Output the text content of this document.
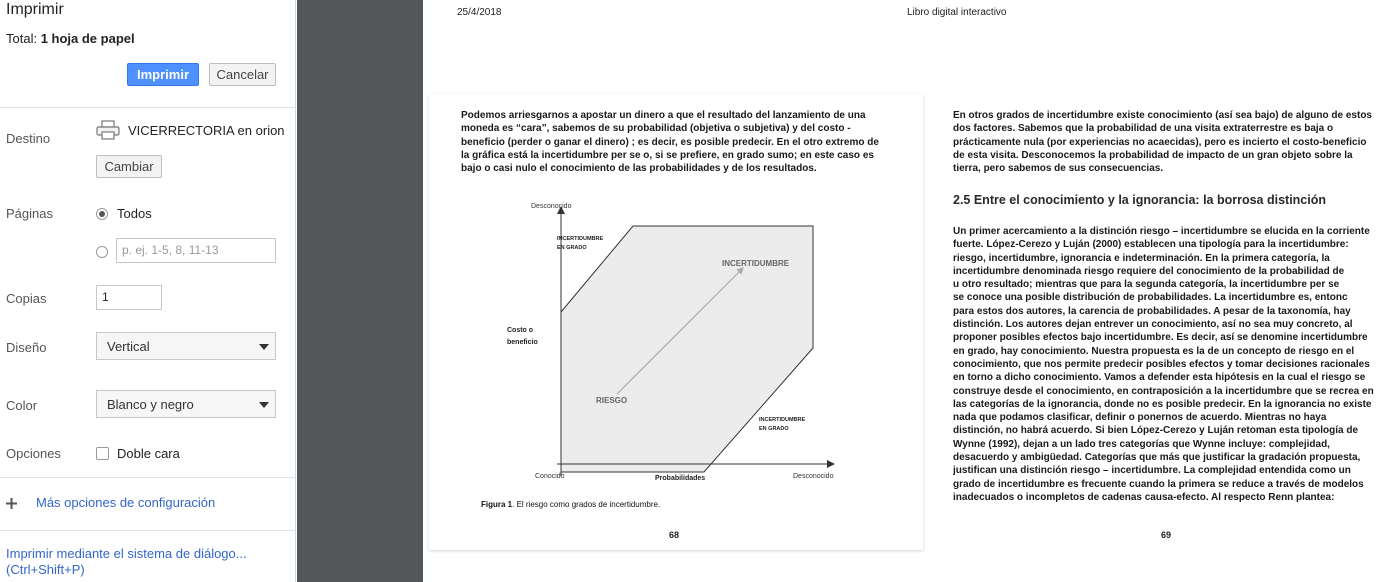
Imprimir
Total: 1 hoja de papel
Imprimir	Cancelar
Destino
VICERRECTORIA en orion
Cambiar
Páginas	Todos
p. ej. 1-5, 8, 11-13
Copias	1
Diseño	Vertical
Color	Blanco y negro
Opciones	Doble cara
Más opciones de configuración
Imprimir mediante el sistema de diálogo...
(Ctrl+Shift+P)
25/4/2018	Libro digital interactivo
Podemos arriesgarnos a apostar un dinero a que el resultado del lanzamiento de una
moneda es “cara”, sabemos de su probabilidad (objetiva o subjetiva) y del costo -
beneficio (perder o ganar el dinero) ; es decir, es posible predecir. En el otro extremo de
la gráfica está la incertidumbre per se o, si se prefiere, en grado sumo; en este caso es
bajo o casi nulo el conocimiento de las probabilidades y de los resultados.
Desconocido
Costo o
beneficio
Conocido	Probabilidades	Desconocido
INCERTIDUMBRE
EN GRADO
INCERTIDUMBRE
EN GRADO
INCERTIDUMBRE
RIESGO
Figura 1. El riesgo como grados de incertidumbre.
68
En otros grados de incertidumbre existe conocimiento (así sea bajo) de alguno de estos
dos factores. Sabemos que la probabilidad de una visita extraterrestre es baja o
prácticamente nula (por experiencias no acaecidas), pero es incierto el costo-beneficio
de esta visita. Desconocemos la probabilidad de impacto de un gran objeto sobre la
tierra, pero sabemos de sus consecuencias.
2.5 Entre el conocimiento y la ignorancia: la borrosa distinción
Un primer acercamiento a la distinción riesgo – incertidumbre se elucida en la corriente
fuerte. López-Cerezo y Luján (2000) establecen una tipología para la incertidumbre:
riesgo, incertidumbre, ignorancia e indeterminación. En la primera categoría, la
incertidumbre denominada riesgo requiere del conocimiento de la probabilidad de
u otro resultado; mientras que para la segunda categoría, la incertidumbre per se
se conoce una posible distribución de probabilidades. La incertidumbre es, entonc
para estos dos autores, la carencia de probabilidades. A pesar de la taxonomía, hay
distinción. Los autores dejan entrever un conocimiento, así no sea muy concreto, al
proponer posibles efectos bajo incertidumbre. Es decir, así se denomine incertidumbre
en grado, hay conocimiento. Nuestra propuesta es la de un concepto de riesgo en el
conocimiento, que nos permite predecir posibles efectos y tomar decisiones racionales
en torno a dicho conocimiento. Vamos a defender esta hipótesis en la cual el riesgo se
construye desde el conocimiento, en contraposición a la incertidumbre que se recrea en
las categorías de la ignorancia, donde no es posible predecir. En la ignorancia no existe
nada que podamos clasificar, definir o ponernos de acuerdo. Mientras no haya
distinción, no habrá acuerdo. Si bien López-Cerezo y Luján retoman esta tipología de
Wynne (1992), dejan a un lado tres categorías que Wynne incluye: complejidad,
desacuerdo y ambigüedad. Categorías que más que justificar la gradación propuesta,
justifican una distinción riesgo – incertidumbre. La complejidad entendida como un
grado de incertidumbre es frecuente cuando la primera se reduce a través de modelos
inadecuados o incompletos de cadenas causa-efecto. Al respecto Renn plantea:
69
